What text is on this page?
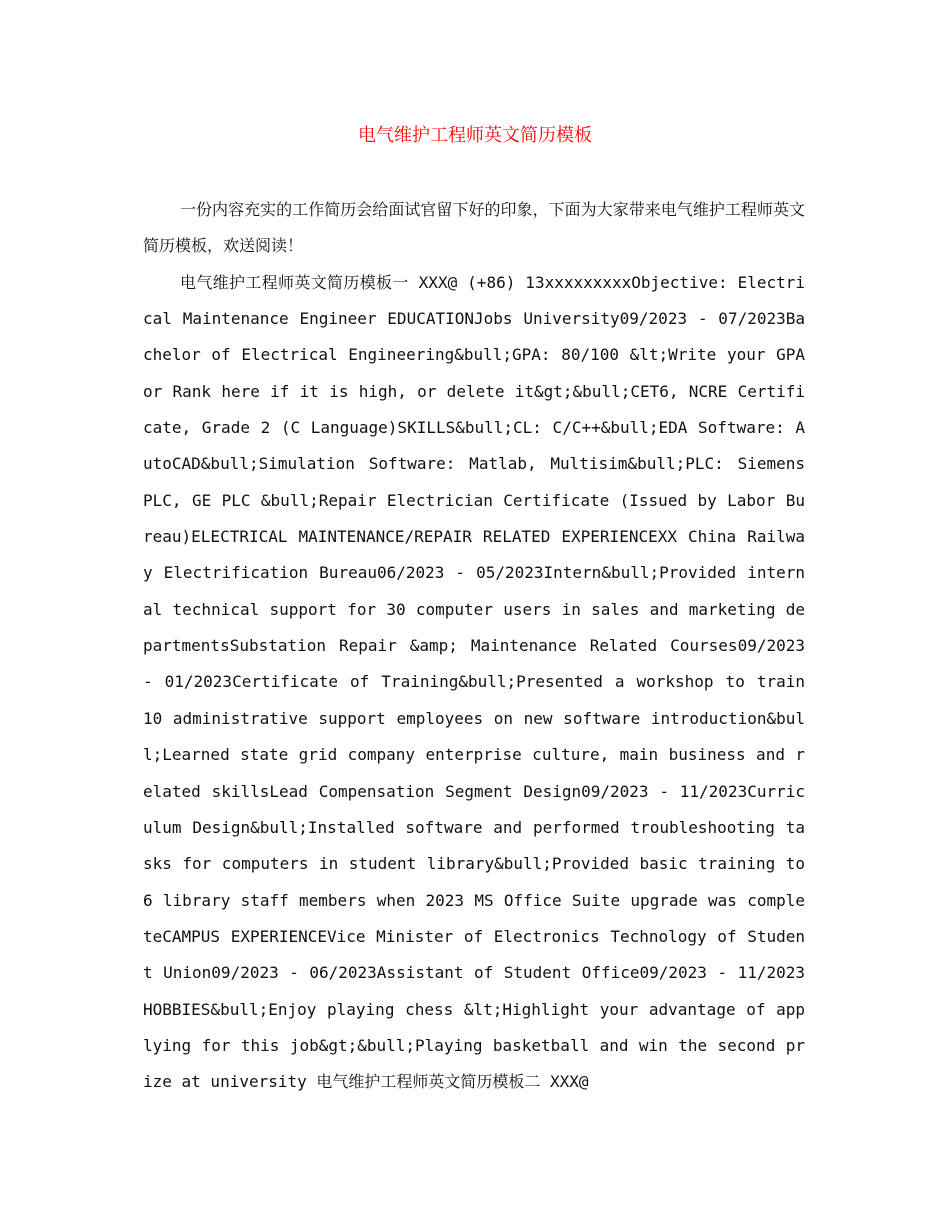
电气维护工程师英文简历模板

一份内容充实的工作简历会给面试官留下好的印象，下面为大家带来电气维护工程师英文简历模板，欢送阅读！

电气维护工程师英文简历模板一 XXX@ (+86) 13xxxxxxxxxObjective: Electrical Maintenance Engineer EDUCATIONJobs University09/2023 - 07/2023Bachelor of Electrical Engineering&bull;GPA: 80/100 &lt;Write your GPA or Rank here if it is high, or delete it&gt;&bull;CET6, NCRE Certificate, Grade 2 (C Language)SKILLS&bull;CL: C/C++&bull;EDA Software: AutoCAD&bull;Simulation Software: Matlab, Multisim&bull;PLC: Siemens PLC, GE PLC &bull;Repair Electrician Certificate (Issued by Labor Bureau)ELECTRICAL MAINTENANCE/REPAIR RELATED EXPERIENCEXX China Railway Electrification Bureau06/2023 - 05/2023Intern&bull;Provided internal technical support for 30 computer users in sales and marketing departmentsSubstation Repair &amp; Maintenance Related Courses09/2023 - 01/2023Certificate of Training&bull;Presented a workshop to train 10 administrative support employees on new software introduction&bull;Learned state grid company enterprise culture, main business and related skillsLead Compensation Segment Design09/2023 - 11/2023Curriculum Design&bull;Installed software and performed troubleshooting tasks for computers in student library&bull;Provided basic training to 6 library staff members when 2023 MS Office Suite upgrade was completeCAMPUS EXPERIENCEVice Minister of Electronics Technology of Student Union09/2023 - 06/2023Assistant of Student Office09/2023 - 11/2023HOBBIES&bull;Enjoy playing chess &lt;Highlight your advantage of applying for this job&gt;&bull;Playing basketball and win the second prize at university 电气维护工程师英文简历模板二 XXX@
